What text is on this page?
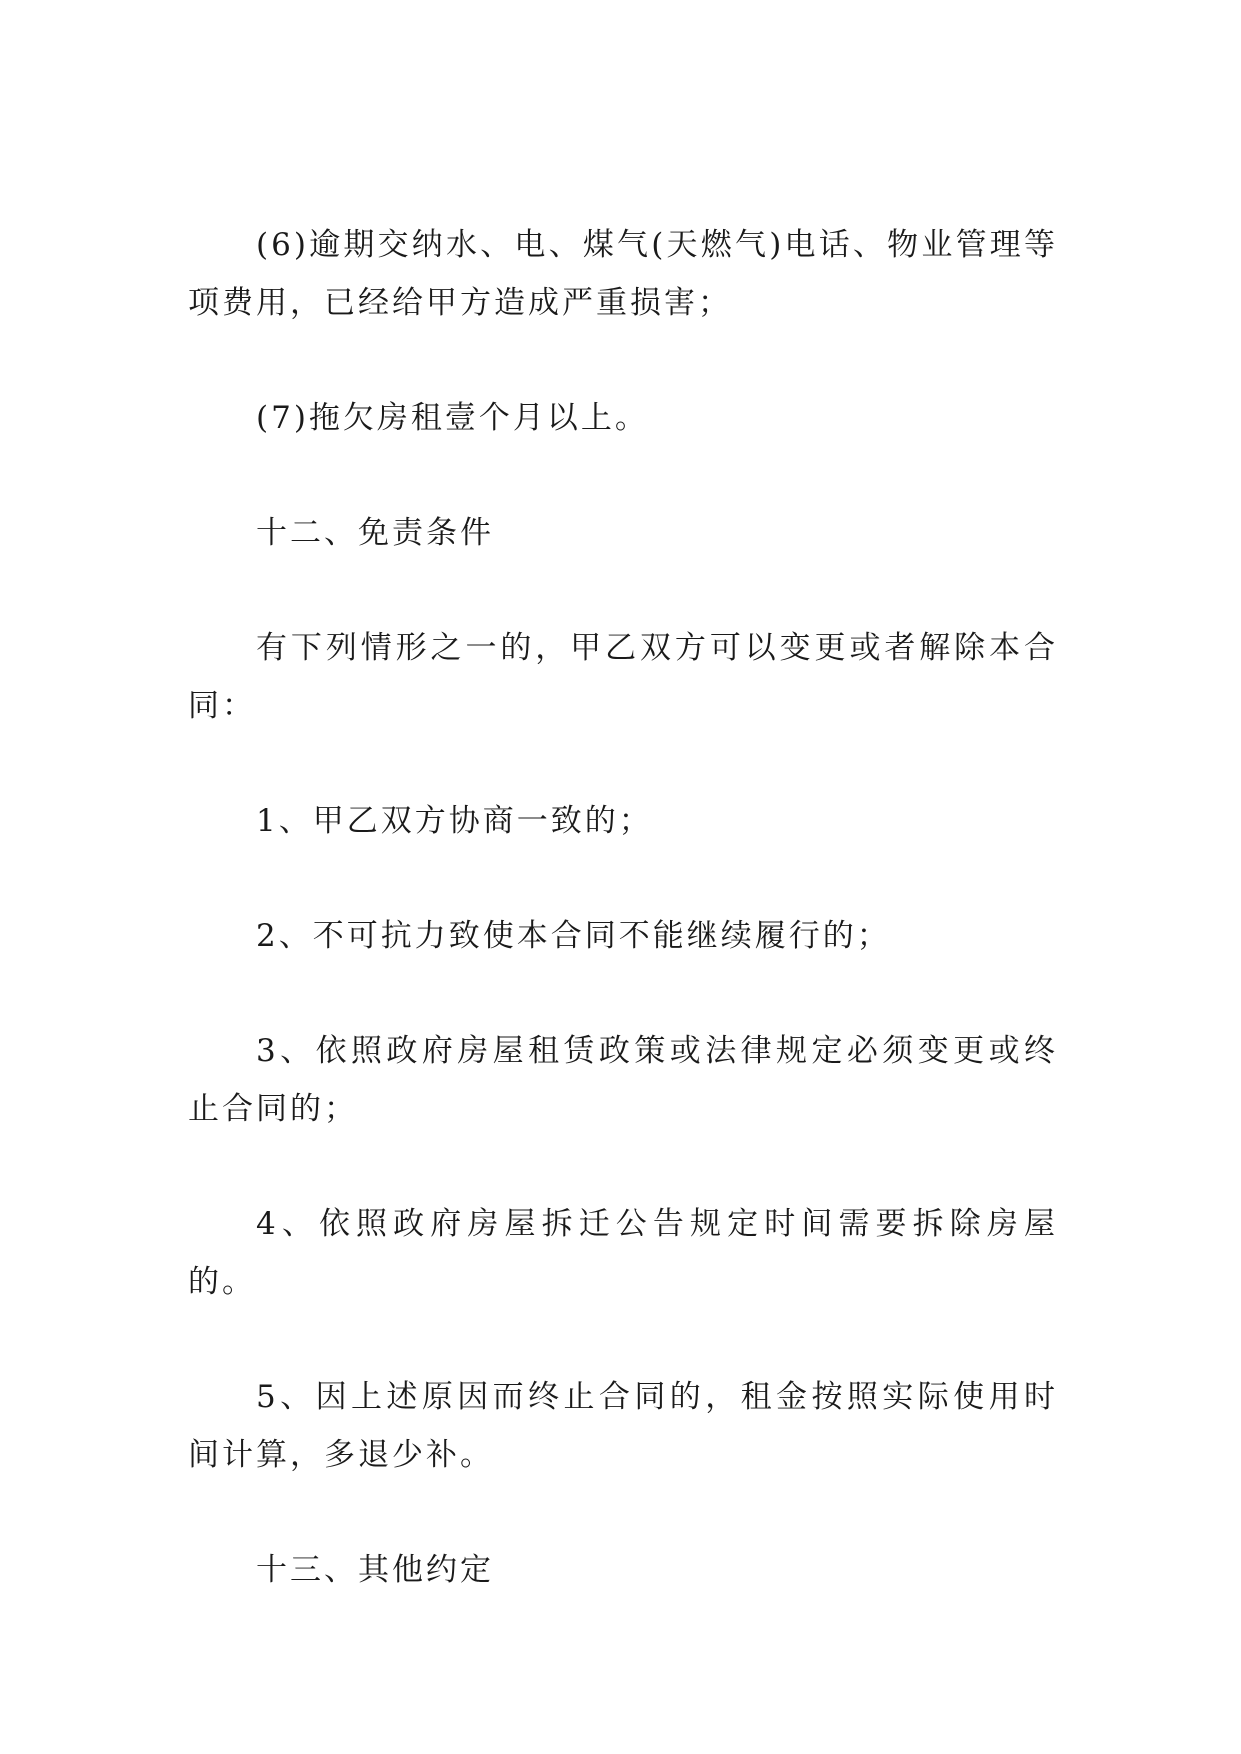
(6)逾期交纳水、电、煤气(天燃气)电话、物业管理等项费用，已经给甲方造成严重损害；

(7)拖欠房租壹个月以上。

十二、免责条件

有下列情形之一的，甲乙双方可以变更或者解除本合同：

1、甲乙双方协商一致的；

2、不可抗力致使本合同不能继续履行的；

3、依照政府房屋租赁政策或法律规定必须变更或终止合同的；

4、依照政府房屋拆迁公告规定时间需要拆除房屋的。

5、因上述原因而终止合同的，租金按照实际使用时间计算，多退少补。

十三、其他约定
